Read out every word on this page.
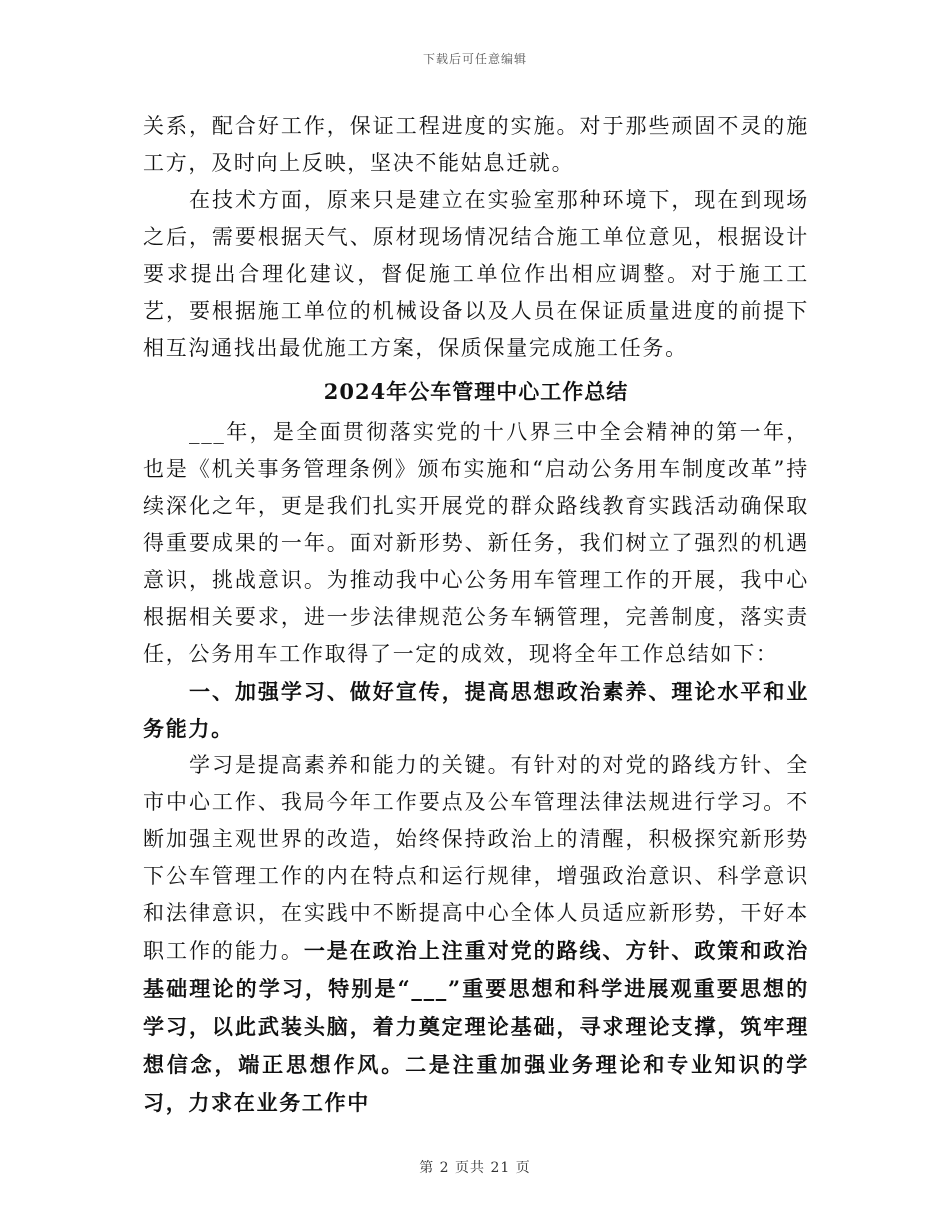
下载后可任意编辑

关系，配合好工作，保证工程进度的实施。对于那些顽固不灵的施工方，及时向上反映，坚决不能姑息迁就。

在技术方面，原来只是建立在实验室那种环境下，现在到现场之后，需要根据天气、原材现场情况结合施工单位意见，根据设计要求提出合理化建议，督促施工单位作出相应调整。对于施工工艺，要根据施工单位的机械设备以及人员在保证质量进度的前提下相互沟通找出最优施工方案，保质保量完成施工任务。

2024年公车管理中心工作总结

___年，是全面贯彻落实党的十八界三中全会精神的第一年，也是《机关事务管理条例》颁布实施和“启动公务用车制度改革”持续深化之年，更是我们扎实开展党的群众路线教育实践活动确保取得重要成果的一年。面对新形势、新任务，我们树立了强烈的机遇意识，挑战意识。为推动我中心公务用车管理工作的开展，我中心根据相关要求，进一步法律规范公务车辆管理，完善制度，落实责任，公务用车工作取得了一定的成效，现将全年工作总结如下：

一、加强学习、做好宣传，提高思想政治素养、理论水平和业务能力。

学习是提高素养和能力的关键。有针对的对党的路线方针、全市中心工作、我局今年工作要点及公车管理法律法规进行学习。不断加强主观世界的改造，始终保持政治上的清醒，积极探究新形势下公车管理工作的内在特点和运行规律，增强政治意识、科学意识和法律意识，在实践中不断提高中心全体人员适应新形势，干好本职工作的能力。一是在政治上注重对党的路线、方针、政策和政治基础理论的学习，特别是“___”重要思想和科学进展观重要思想的学习，以此武装头脑，着力奠定理论基础，寻求理论支撑，筑牢理想信念，端正思想作风。二是注重加强业务理论和专业知识的学习，力求在业务工作中

第 2 页共 21 页
